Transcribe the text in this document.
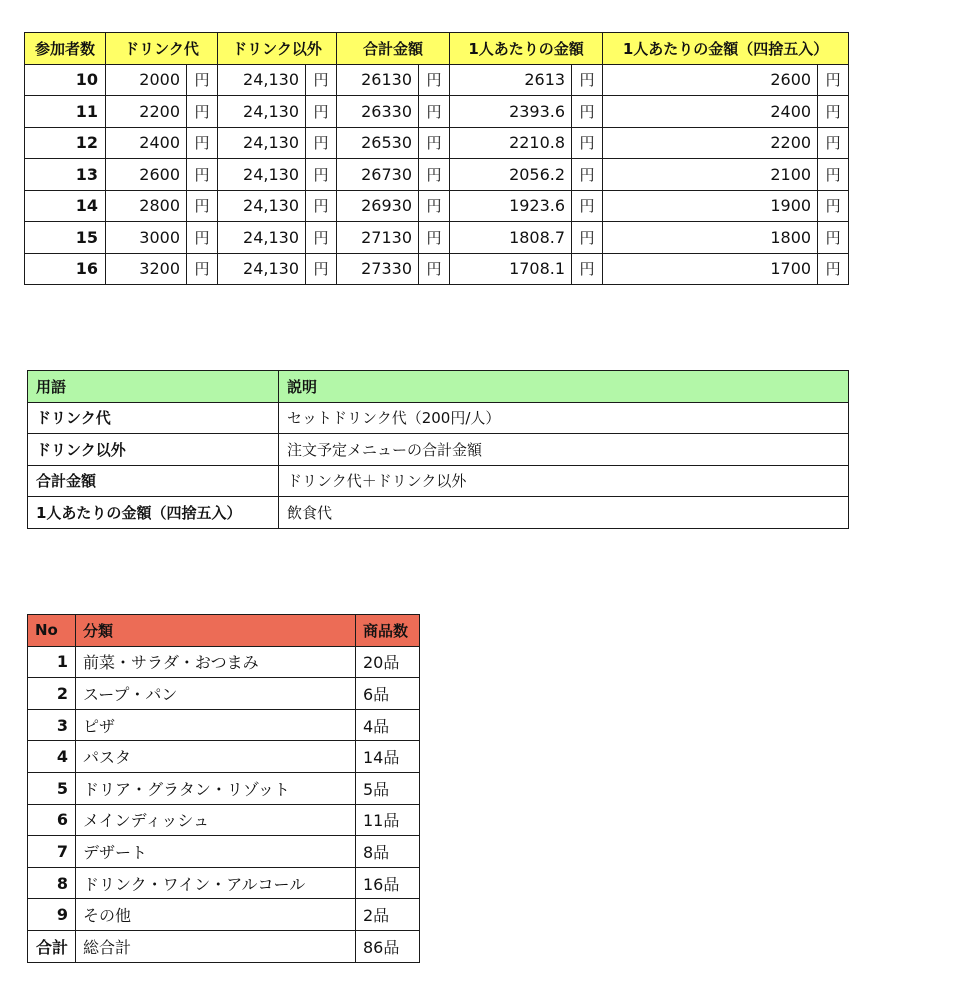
参加者数	ドリンク代		ドリンク以外		合計金額		1人あたりの金額		1人あたりの金額（四捨五入）	
10	2000	円	24,130	円	26130	円	2613	円	2600	円
11	2200	円	24,130	円	26330	円	2393.6	円	2400	円
12	2400	円	24,130	円	26530	円	2210.8	円	2200	円
13	2600	円	24,130	円	26730	円	2056.2	円	2100	円
14	2800	円	24,130	円	26930	円	1923.6	円	1900	円
15	3000	円	24,130	円	27130	円	1808.7	円	1800	円
16	3200	円	24,130	円	27330	円	1708.1	円	1700	円
用語	説明
ドリンク代	セットドリンク代（200円/人）
ドリンク以外	注文予定メニューの合計金額
合計金額	ドリンク代＋ドリンク以外
1人あたりの金額（四捨五入）	飲食代
No	分類	商品数
1	前菜・サラダ・おつまみ	20品
2	スープ・パン	6品
3	ピザ	4品
4	パスタ	14品
5	ドリア・グラタン・リゾット	5品
6	メインディッシュ	11品
7	デザート	8品
8	ドリンク・ワイン・アルコール	16品
9	その他	2品
合計	総合計	86品
